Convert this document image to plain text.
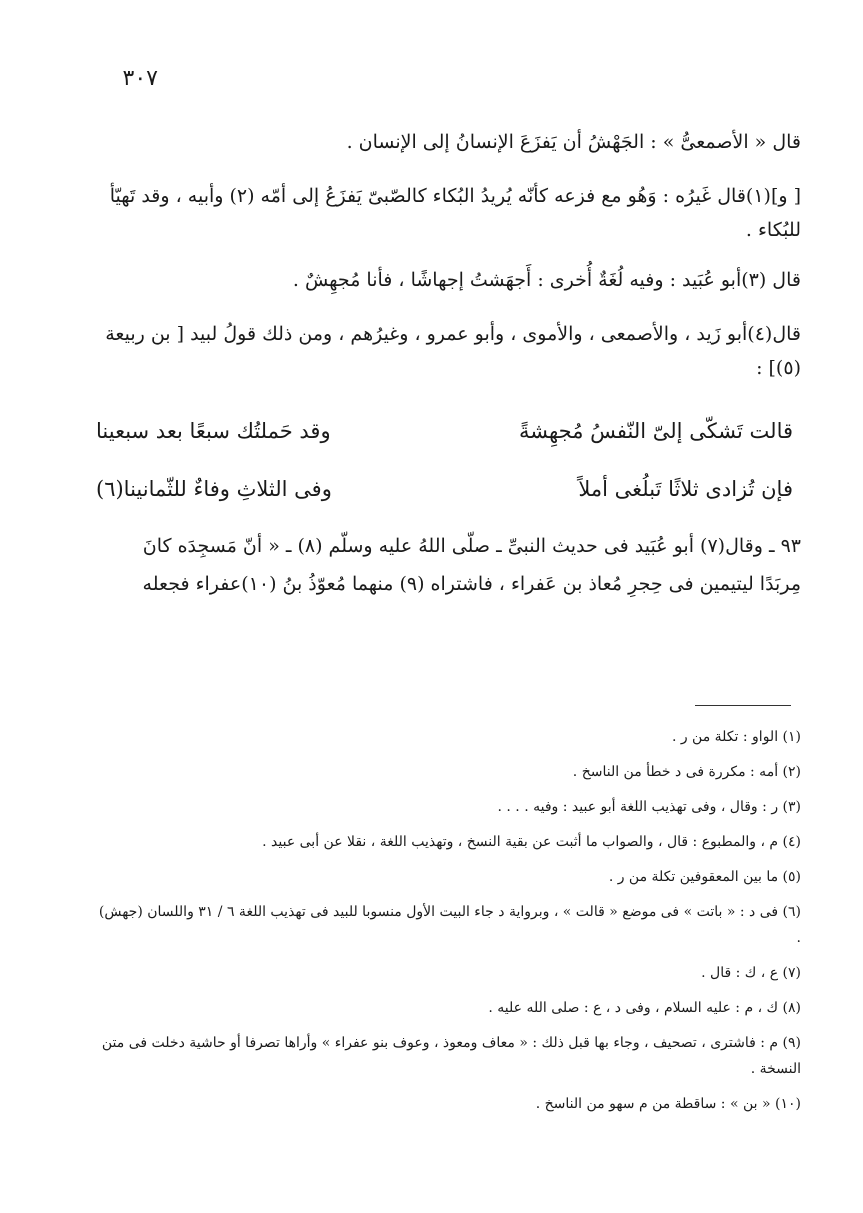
٣٠٧

قال « الأصمعىُّ » : الجَهْشُ أن يَفزَعَ الإنسانُ إلى الإنسان .

[ و](١)قال غَيرُه : وَهُو مع فزعه كأنّه يُريدُ البُكاء كالصّبىّ يَفزَعُ إلى أمّه (٢) وأبيه ، وقد تَهيّأ للبُكاء .

قال (٣)أبو عُبَيد : وفيه لُغَةٌ أُخرى : أَجهَشتُ إجهاشًا ، فأنا مُجهِشٌ .

قال(٤)أبو زَيد ، والأصمعى ، والأموى ، وأبو عمرو ، وغيرُهم ، ومن ذلك قولُ لبيد [ بن ربيعة (٥)] :

قالت تَشكّى إلىّ النّفسُ مُجهِشةً
وقد حَملتُك سبعًا بعد سبعينا
فإن تُزادى ثلاثًا تَبلُغى أملاً
وفى الثلاثِ وفاءٌ للثّمانينا(٦)

٩٣ ـ وقال(٧) أبو عُبَيد فى حديث النبىِّ ـ صلّى اللهُ عليه وسلّم (٨) ـ « أنّ مَسجِدَه كانَ مِربَدًا ليتيمين فى حِجرِ مُعاذ بن عَفراء ، فاشتراه (٩) منهما مُعوّذُ بنُ (١٠)عفراء فجعله

(١) الواو : تكلة من ر .

(٢) أمه : مكررة فى د خطأ من الناسخ .

(٣) ر : وقال ، وفى تهذيب اللغة أبو عبيد : وفيه . . . .

(٤) م ، والمطبوع : قال ، والصواب ما أثبت عن بقية النسخ ، وتهذيب اللغة ، نقلا عن أبى عبيد .

(٥) ما بين المعقوفين تكلة من ر .

(٦) فى د : « باتت » فى موضع « قالت » ، وبرواية د جاء البيت الأول منسوبا للبيد فى تهذيب اللغة ٦ / ٣١ واللسان (جهش) .

(٧) ع ، ك : قال .

(٨) ك ، م : عليه السلام ، وفى د ، ع : صلى الله عليه .

(٩) م : فاشترى ، تصحيف ، وجاء بها قبل ذلك : « معاف ومعوذ ، وعوف بنو عفراء » وأراها تصرفا أو حاشية دخلت فى متن النسخة .

(١٠) « بن » : ساقطة من م سهو من الناسخ .
